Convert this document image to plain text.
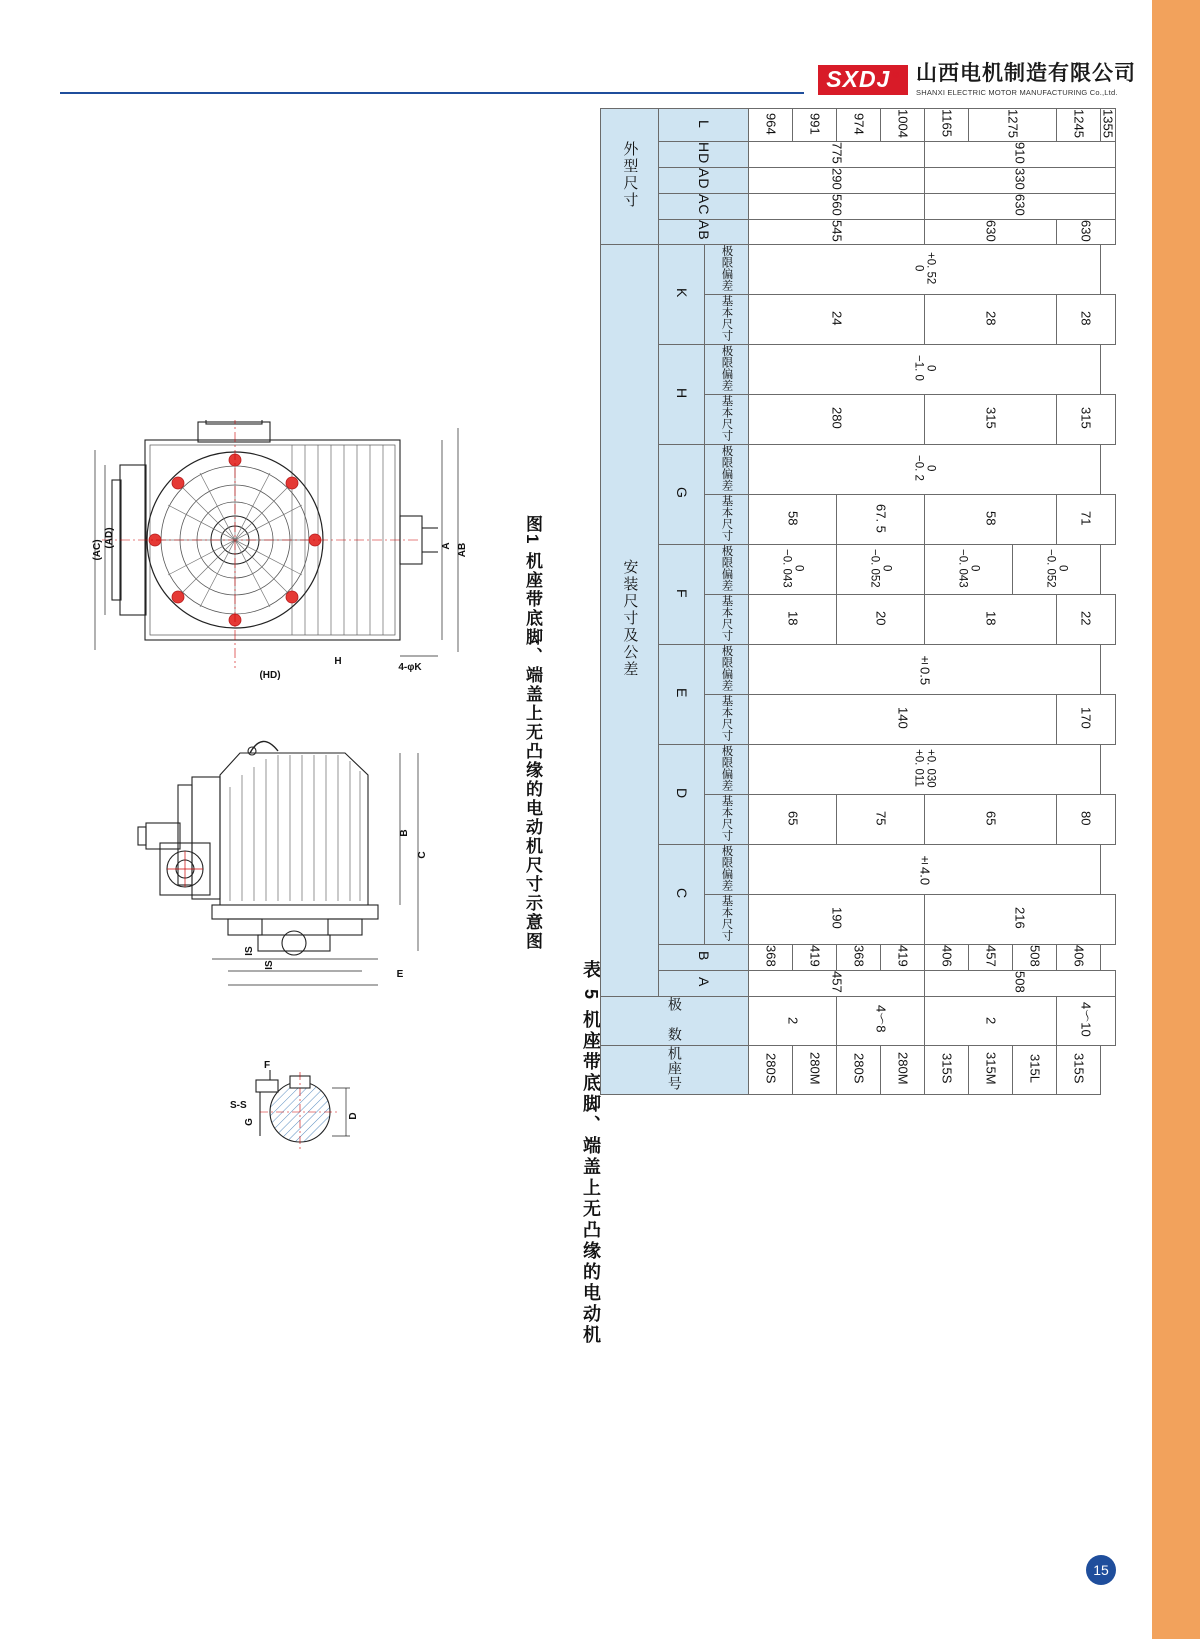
SXDJ ® 山西电机制造有限公司
SHANXI ELECTRIC MOTOR MANUFACTURING Co.,Ltd.
A AB
(AD)
(AC)
H
4-φK
(HD)
B
C
E
IS
IS
S-S
F
G
D
图1 机座带底脚、端盖上无凸缘的电动机尺寸示意图
表 5 机座带底脚、端盖上无凸缘的电动机
外型尺寸	L		964	991	974	1004	1165	1275		1245	1355
	HD		775				910				
	AD		290				330				
	AC		560				630				
	AB		545				630			630	
安装尺寸及公差	K	极限偏差	+0. 52
0								
		基本尺寸	24				28			28	
	H	极限偏差	0
−1. 0								
		基本尺寸	280				315			315	
	G	极限偏差	0
−0. 2								
		基本尺寸	58		67. 5		58			71	
	F	极限偏差	0
−0. 043		0
−0. 052		0
−0. 043		0
−0. 052		
		基本尺寸	18		20		18			22	
	E	极限偏差	±0.5								
		基本尺寸	140							170	
	D	极限偏差	+0. 030
+0. 011								
		基本尺寸	65		75		65			80	
	C	极限偏差	±4.0								
		基本尺寸	190				216				
	B		368	419	368	419	406	457	508	406	
	A		457				508				
极　数			2		4～8		2			4～10	
机座号			280S	280M	280S	280M	315S	315M	315L	315S	
15
